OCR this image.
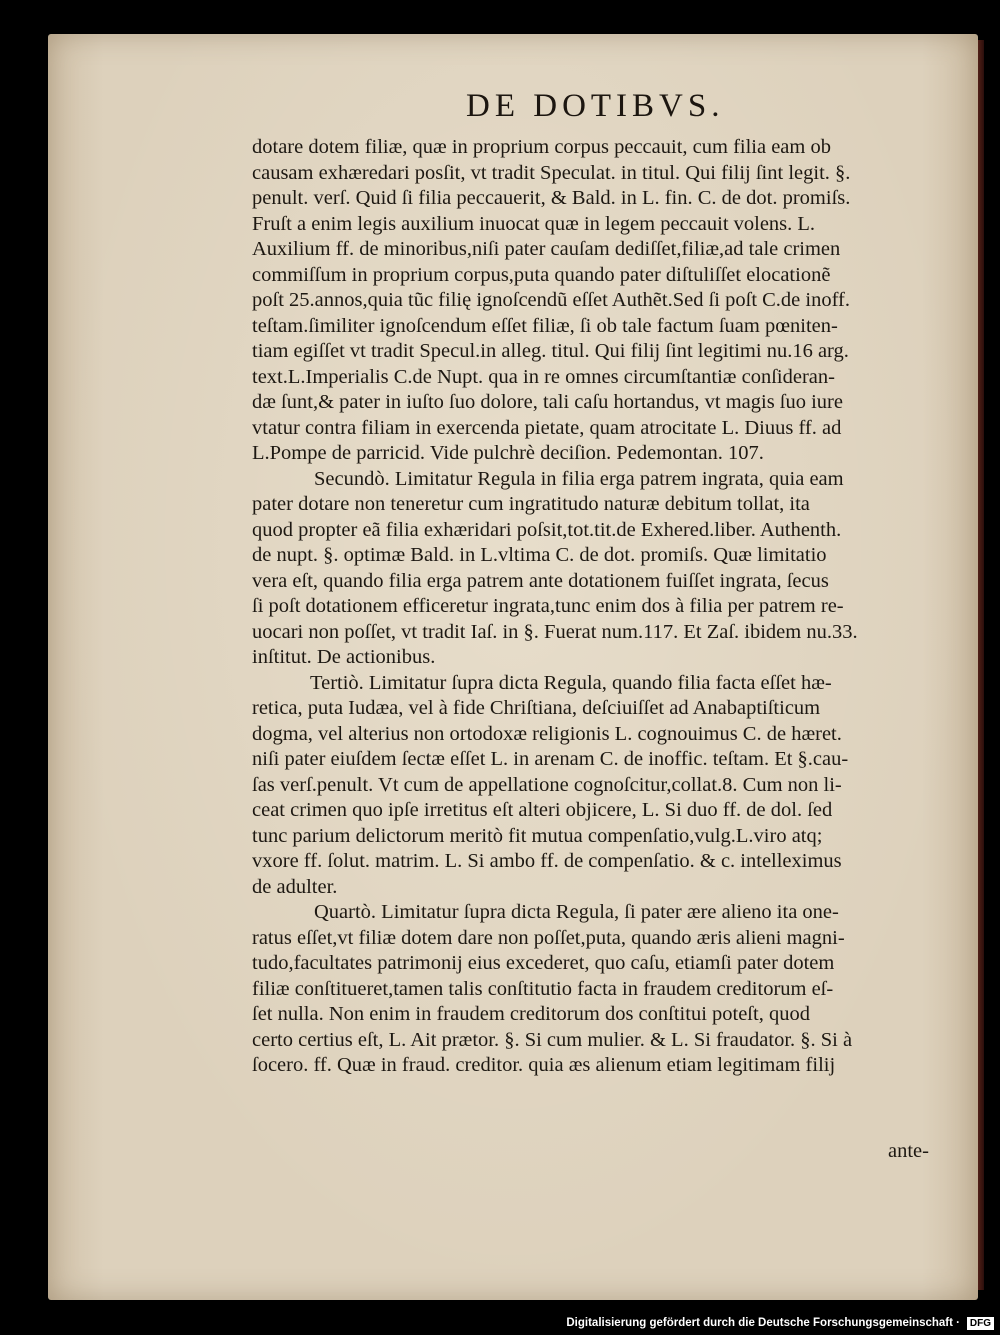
DE DOTIBVS.
dotare dotem filiæ, quæ in proprium corpus peccauit, cum filia eam ob
causam exhæredari posſit, vt tradit Speculat. in titul. Qui filij ſint legit. §.
penult. verſ. Quid ſi filia peccauerit, & Bald. in L. fin. C. de dot. promiſs.
Fruſt a enim legis auxilium inuocat quæ in legem peccauit volens. L.
Auxilium ff. de minoribus,niſi pater cauſam dediſſet,filiæ,ad tale crimen
commiſſum in proprium corpus,puta quando pater diſtuliſſet elocationẽ
poſt 25.annos,quia tũc filię ignoſcendũ eſſet Authẽt.Sed ſi poſt C.de inoff.
teſtam.ſimiliter ignoſcendum eſſet filiæ, ſi ob tale factum ſuam pœniten-
tiam egiſſet vt tradit Specul.in alleg. titul. Qui filij ſint legitimi nu.16 arg.
text.L.Imperialis C.de Nupt. qua in re omnes circumſtantiæ conſideran-
dæ ſunt,& pater in iuſto ſuo dolore, tali caſu hortandus, vt magis ſuo iure
vtatur contra filiam in exercenda pietate, quam atrocitate L. Diuus ff. ad
L.Pompe de parricid. Vide pulchrè deciſion. Pedemontan. 107.
Secundò. Limitatur Regula in filia erga patrem ingrata, quia eam
pater dotare non teneretur cum ingratitudo naturæ debitum tollat, ita
quod propter eã filia exhæridari poſsit,tot.tit.de Exhered.liber. Authenth.
de nupt. §. optimæ Bald. in L.vltima C. de dot. promiſs. Quæ limitatio
vera eſt, quando filia erga patrem ante dotationem fuiſſet ingrata, ſecus
ſi poſt dotationem efficeretur ingrata,tunc enim dos à filia per patrem re-
uocari non poſſet, vt tradit Iaſ. in §. Fuerat num.117. Et Zaſ. ibidem nu.33.
inſtitut. De actionibus.
Tertiò. Limitatur ſupra dicta Regula, quando filia facta eſſet hæ-
retica, puta Iudæa, vel à fide Chriſtiana, deſciuiſſet ad Anabaptiſticum
dogma, vel alterius non ortodoxæ religionis L. cognouimus C. de hæret.
niſi pater eiuſdem ſectæ eſſet L. in arenam C. de inoffic. teſtam. Et §.cau-
ſas verſ.penult. Vt cum de appellatione cognoſcitur,collat.8. Cum non li-
ceat crimen quo ipſe irretitus eſt alteri objicere, L. Si duo ff. de dol. ſed
tunc parium delictorum meritò fit mutua compenſatio,vulg.L.viro atq;
vxore ff. ſolut. matrim. L. Si ambo ff. de compenſatio. & c. intelleximus
de adulter.
Quartò. Limitatur ſupra dicta Regula, ſi pater ære alieno ita one-
ratus eſſet,vt filiæ dotem dare non poſſet,puta, quando æris alieni magni-
tudo,facultates patrimonij eius excederet, quo caſu, etiamſi pater dotem
filiæ conſtitueret,tamen talis conſtitutio facta in fraudem creditorum eſ-
ſet nulla. Non enim in fraudem creditorum dos conſtitui poteſt, quod
certo certius eſt, L. Ait prætor. §. Si cum mulier. & L. Si fraudator. §. Si à
ſocero. ff. Quæ in fraud. creditor. quia æs alienum etiam legitimam filij
ante-
Digitalisierung gefördert durch die Deutsche Forschungsgemeinschaft · DFG
